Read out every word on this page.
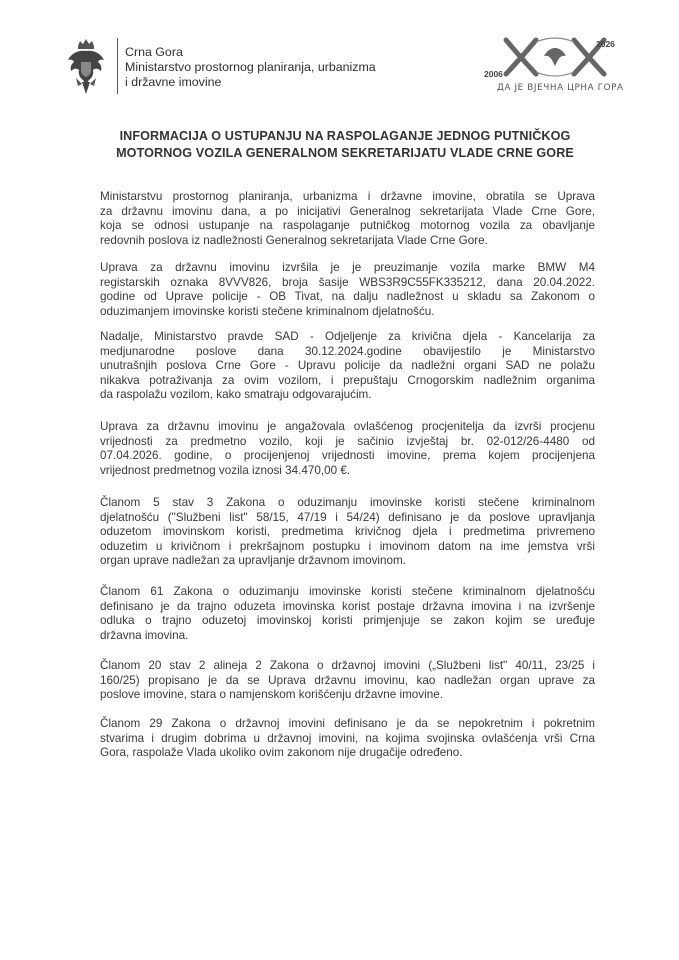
Crna Gora
Ministarstvo prostornog planiranja, urbanizma
i državne imovine
2026
2006
ДА ЈЕ ВЈЕЧНА ЦРНА ГОРА
INFORMACIJA O USTUPANJU NA RASPOLAGANJE JEDNOG PUTNIČKOG
MOTORNOG VOZILA GENERALNOM SEKRETARIJATU VLADE CRNE GORE
Ministarstvu prostornog planiranja, urbanizma i državne imovine, obratila se Uprava
za državnu imovinu dana, a po inicijativi Generalnog sekretarijata Vlade Crne Gore,
koja se odnosi ustupanje na raspolaganje putničkog motornog vozila za obavljanje
redovnih poslova iz nadležnosti Generalnog sekretarijata Vlade Crne Gore.
Uprava za državnu imovinu izvršila je je preuzimanje vozila marke BMW M4
registarskih oznaka 8VVV826, broja šasije WBS3R9C55FK335212, dana 20.04.2022.
godine od Uprave policije - OB Tivat, na dalju nadležnost u skladu sa Zakonom o
oduzimanjem imovinske koristi stečene kriminalnom djelatnošću.
Nadalje, Ministarstvo pravde SAD - Odjeljenje za krivična djela - Kancelarija za
medjunarodne poslove dana 30.12.2024.godine obavijestilo je Ministarstvo
unutrašnjih poslova Crne Gore - Upravu policije da nadležni organi SAD ne polažu
nikakva potraživanja za ovim vozilom, i prepuštaju Crnogorskim nadležnim organima
da raspolažu vozilom, kako smatraju odgovarajućim.
Uprava za državnu imovinu je angažovala ovlašćenog procjenitelja da izvrši procjenu
vrijednosti za predmetno vozilo, koji je sačinio izvještaj br. 02-012/26-4480 od
07.04.2026. godine, o procijenjenoj vrijednosti imovine, prema kojem procijenjena
vrijednost predmetnog vozila iznosi 34.470,00 €.
Članom 5 stav 3 Zakona o oduzimanju imovinske koristi stečene kriminalnom
djelatnošću ("Službeni list" 58/15, 47/19 i 54/24) definisano je da poslove upravljanja
oduzetom imovinskom koristi, predmetima krivičnog djela i predmetima privremeno
oduzetim u krivičnom i prekršajnom postupku i imovinom datom na ime jemstva vrši
organ uprave nadležan za upravljanje državnom imovinom.
Članom 61 Zakona o oduzimanju imovinske koristi stečene kriminalnom djelatnošću
definisano je da trajno oduzeta imovinska korist postaje državna imovina i na izvršenje
odluka o trajno oduzetoj imovinskoj koristi primjenjuje se zakon kojim se uređuje
državna imovina.
Članom 20 stav 2 alineja 2 Zakona o državnoj imovini („Službeni list" 40/11, 23/25 i
160/25) propisano je da se Uprava državnu imovinu, kao nadležan organ uprave za
poslove imovine, stara o namjenskom korišćenju državne imovine.
Članom 29 Zakona o državnoj imovini definisano je da se nepokretnim i pokretnim
stvarima i drugim dobrima u državnoj imovini, na kojima svojinska ovlašćenja vrši Crna
Gora, raspolaže Vlada ukoliko ovim zakonom nije drugačije određeno.
